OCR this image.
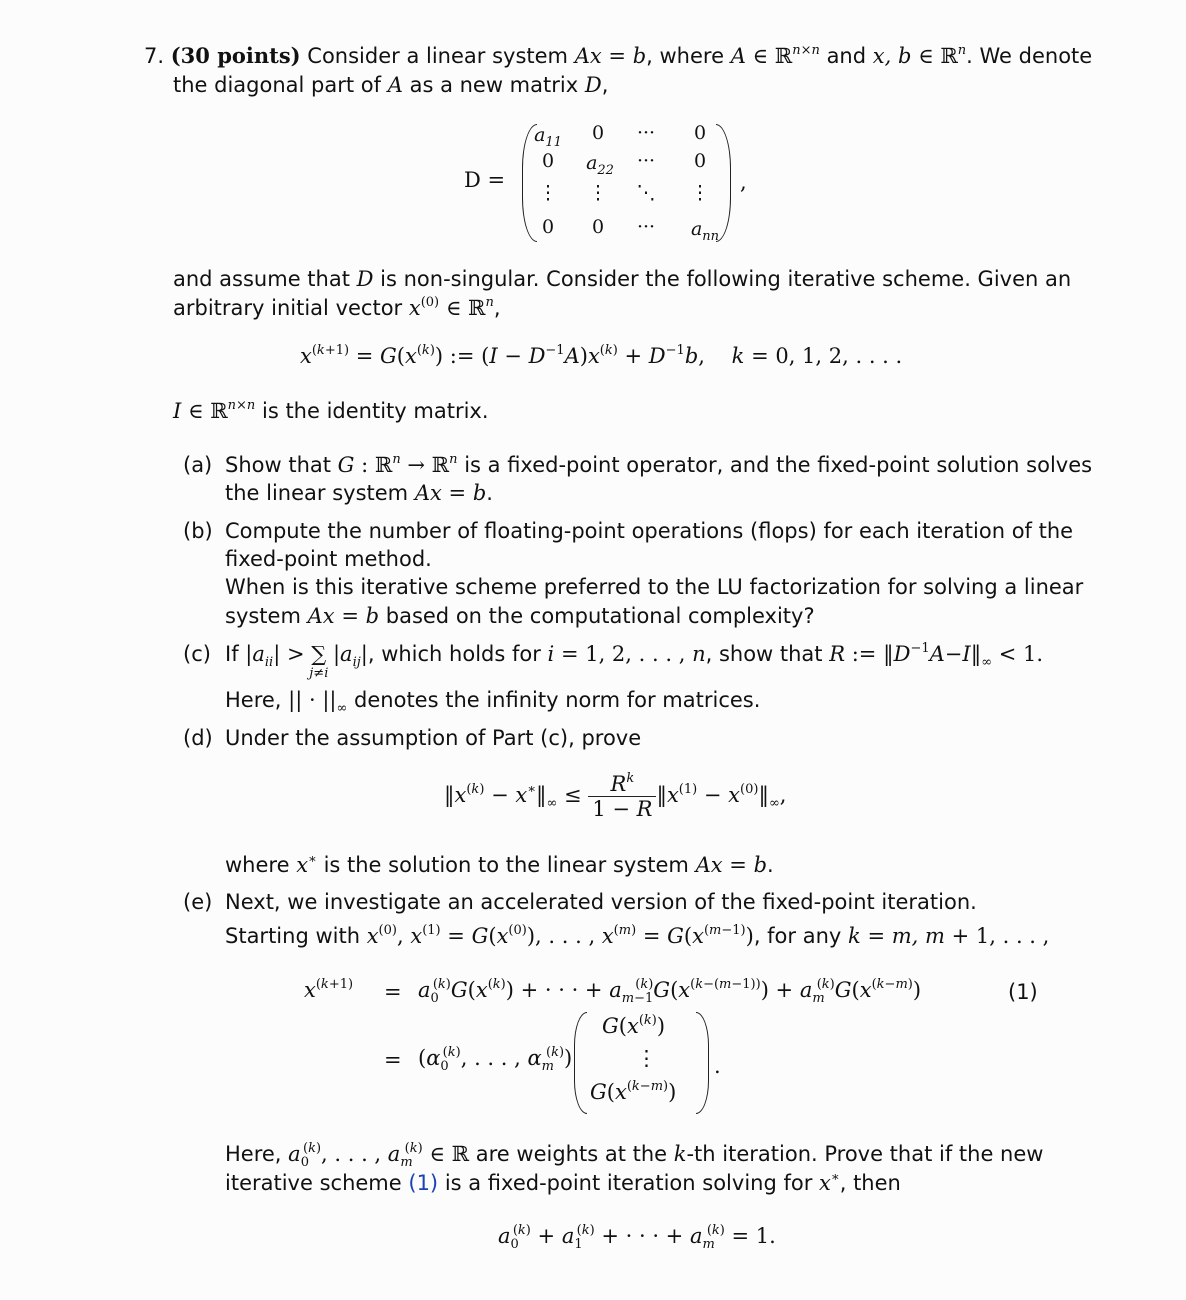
7. (30 points) Consider a linear system Ax = b, where A ∈ ℝ$^{n\times n}$ and x, b ∈ ℝ$^n$. We denote
the diagonal part of A as a new matrix D,
D =
$a_{11}$	0	···	0
0	$a_{22}$	···	0
⋮	⋮	⋱	⋮
0	0	···	$a_{nn}$
,
and assume that D is non-singular. Consider the following iterative scheme. Given an
arbitrary initial vector $x^{(0)}$ ∈ ℝ$^n$,
$x^{(k+1)} = G(x^{(k)})$ := $(I - D^{-1}A)x^{(k)} + D^{-1}b$,    k = 0, 1, 2, . . . .
I ∈ ℝ$^{n\times n}$ is the identity matrix.
(a) Show that G : ℝ$^n$ → ℝ$^n$ is a fixed-point operator, and the fixed-point solution solves
the linear system Ax = b.
(b) Compute the number of floating-point operations (flops) for each iteration of the
fixed-point method.
When is this iterative scheme preferred to the LU factorization for solving a linear
system Ax = b based on the computational complexity?
(c) If $|a_{ii}|$ > ∑
j≠i
$|a_{ij}|$, which holds for i = 1, 2, . . . , n, show that R := $‖D^{-1}A-I‖_\infty < 1$.
Here, || · $||_\infty$ denotes the infinity norm for matrices.
(d) Under the assumption of Part (c), prove
$‖x^{(k)}$ − $x^∗‖_\infty \le \frac{R^k}{1 - R}$ $‖x^{(1)}$ − $x^{(0)}‖_\infty$,
where x∗ is the solution to the linear system Ax = b.
(e) Next, we investigate an accelerated version of the fixed-point iteration.
Starting with $x^{(0)}$, $x^{(1)} = G(x^{(0)})$, . . . , $x^{(m)} = G(x^{(m-1)})$, for any k = m, m + 1, . . . ,
$x^{(k+1)} = a_0^{(k)}G(x^{(k)})$ + · · · + $a_{m-1}^{(k)}G(x^{(k-(m-1))}) + a_m^{(k)}G(x^{(k-m)})$	(1)
= ($\alpha_0^{(k)}$, . . . , $\alpha_m^{(k)}$)
$G(x^{(k)})$
⋮
$G(x^{(k-m)})$
.
Here, $a_0^{(k)}$, . . . , $a_m^{(k)}$ ∈ ℝ are weights at the k-th iteration. Prove that if the new
iterative scheme (1) is a fixed-point iteration solving for x∗, then
$a_0^{(k)} + a_1^{(k)}$ + · · · + $a_m^{(k)} = 1$.
